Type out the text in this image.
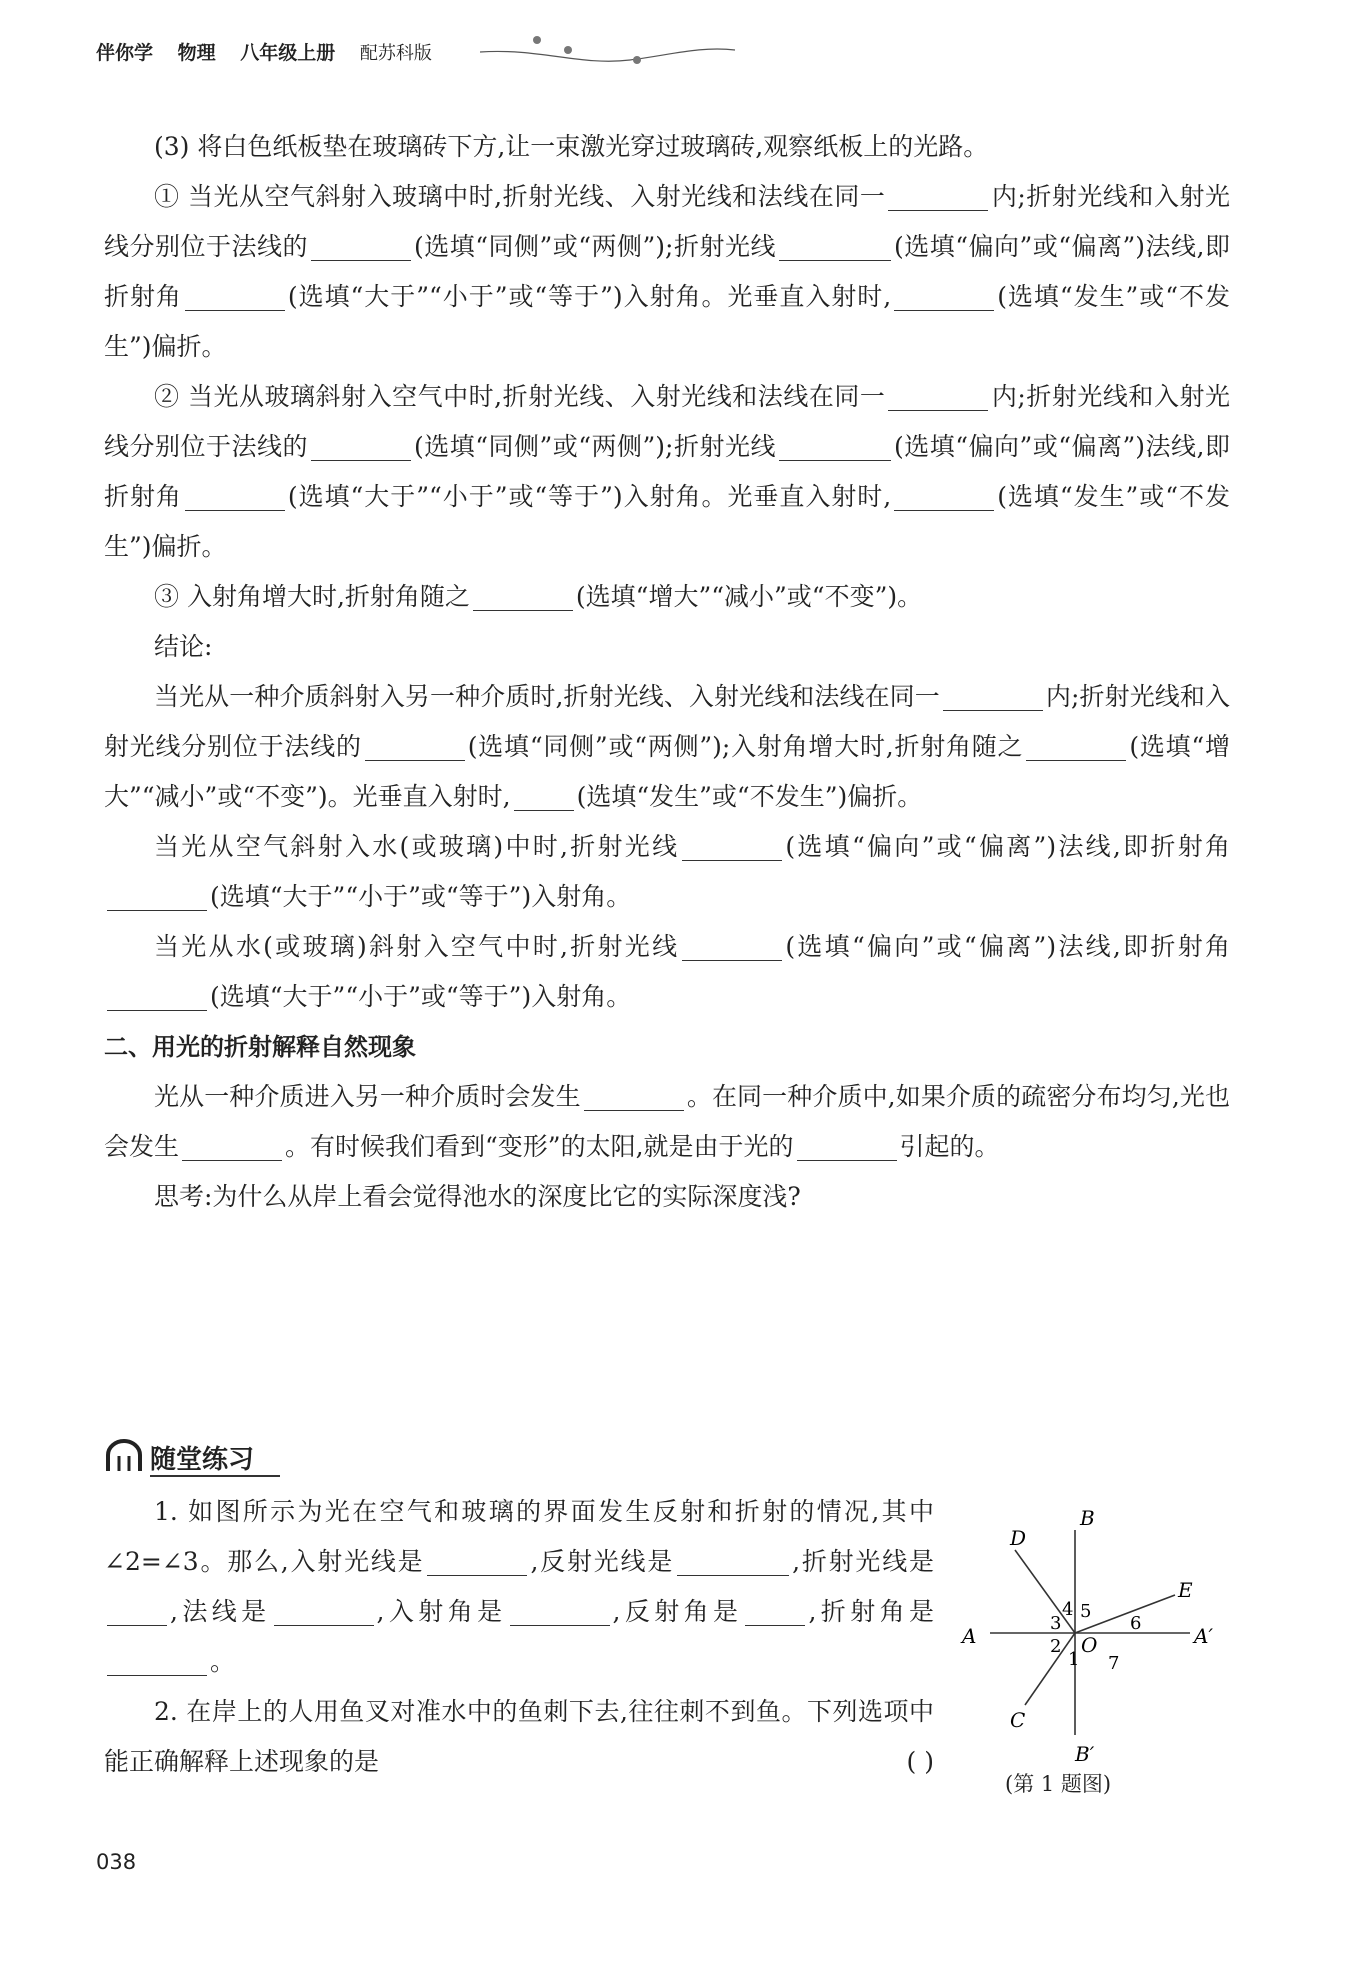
伴你学 物理 八年级上册 配苏科版

(3) 将白色纸板垫在玻璃砖下方,让一束激光穿过玻璃砖,观察纸板上的光路。

① 当光从空气斜射入玻璃中时,折射光线、入射光线和法线在同一	内;折射光线和入射光线分别位于法线的	(选填“同侧”或“两侧”);折射光线	(选填“偏向”或“偏离”)法线,即折射角	(选填“大于”“小于”或“等于”)入射角。光垂直入射时,	(选填“发生”或“不发生”)偏折。

② 当光从玻璃斜射入空气中时,折射光线、入射光线和法线在同一	内;折射光线和入射光线分别位于法线的	(选填“同侧”或“两侧”);折射光线	(选填“偏向”或“偏离”)法线,即折射角	(选填“大于”“小于”或“等于”)入射角。光垂直入射时,	(选填“发生”或“不发生”)偏折。

③ 入射角增大时,折射角随之	(选填“增大”“减小”或“不变”)。

结论:

当光从一种介质斜射入另一种介质时,折射光线、入射光线和法线在同一	内;折射光线和入射光线分别位于法线的	(选填“同侧”或“两侧”);入射角增大时,折射角随之	(选填“增大”“减小”或“不变”)。光垂直入射时,	(选填“发生”或“不发生”)偏折。

当光从空气斜射入水(或玻璃)中时,折射光线	(选填“偏向”或“偏离”)法线,即折射角(选填“大于”“小于”或“等于”)入射角。

当光从水(或玻璃)斜射入空气中时,折射光线	(选填“偏向”或“偏离”)法线,即折射角(选填“大于”“小于”或“等于”)入射角。

二、用光的折射解释自然现象

光从一种介质进入另一种介质时会发生	。在同一种介质中,如果介质的疏密分布均匀,光也会发生	。有时候我们看到“变形”的太阳,就是由于光的	引起的。

思考:为什么从岸上看会觉得池水的深度比它的实际深度浅?

随堂练习

1. 如图所示为光在空气和玻璃的界面发生反射和折射的情况,其中∠2=∠3。那么,入射光线是	,反射光线是	,折射光线是,法线是	,入射角是	,反射角是	,折射角是。

2. 在岸上的人用鱼叉对准水中的鱼刺下去,往往刺不到鱼。下列选项中能正确解释上述现象的是	( )

B
B′
D
E
A	A′
C
O
1
2
3
4 5
6
7
(第 1 题图)
038
